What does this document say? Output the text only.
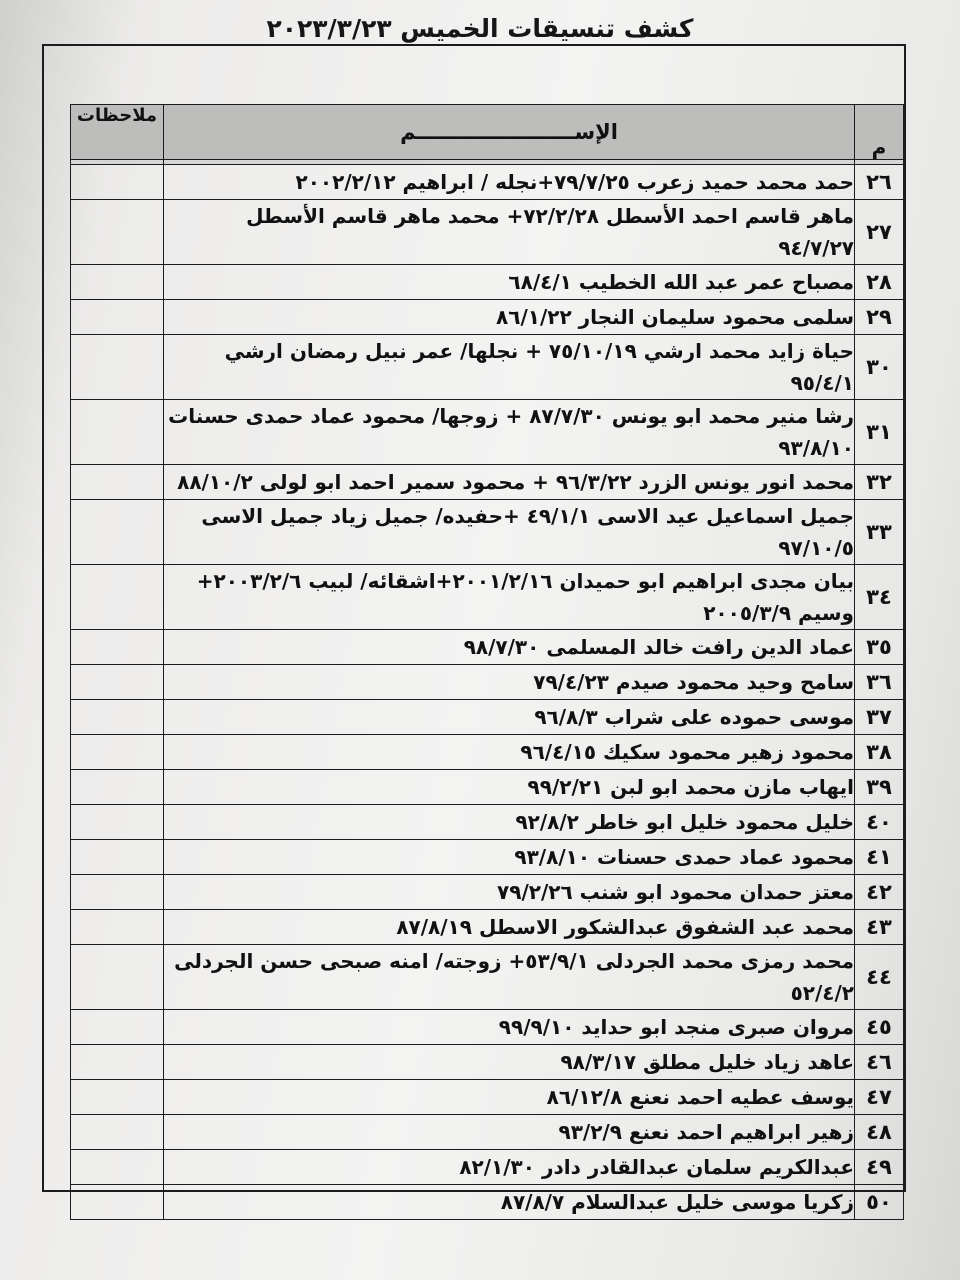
كشف تنسيقات الخميس ٢٠٢٣/٣/٢٣
م	الإســــــــــــــــــــــم	ملاحظات

٢٦	حمد محمد حميد زعرب ٧٩/٧/٢٥+نجله / ابراهيم ٢٠٠٢/٢/١٢	
٢٧	ماهر قاسم احمد الأسطل ٧٢/٢/٢٨+ محمد ماهر قاسم الأسطل ٩٤/٧/٢٧	
٢٨	مصباح عمر عبد الله الخطيب ٦٨/٤/١	
٢٩	سلمى محمود سليمان النجار ٨٦/١/٢٢	
٣٠	حياة زايد محمد ارشي ٧٥/١٠/١٩ + نجلها/ عمر نبيل رمضان ارشي ٩٥/٤/١	
٣١	رشا منير محمد ابو يونس ٨٧/٧/٣٠ + زوجها/ محمود عماد حمدى حسنات ٩٣/٨/١٠	
٣٢	محمد انور يونس الزرد ٩٦/٣/٢٢ + محمود سمير احمد ابو لولى ٨٨/١٠/٢	
٣٣	جميل اسماعيل عيد الاسى ٤٩/١/١ +حفيده/ جميل زياد جميل الاسى ٩٧/١٠/٥	
٣٤	بيان مجدى ابراهيم ابو حميدان ٢٠٠١/٢/١٦+اشقائه/ لبيب ٢٠٠٣/٢/٦+ وسيم ٢٠٠٥/٣/٩	
٣٥	عماد الدين رافت خالد المسلمى ٩٨/٧/٣٠	
٣٦	سامح وحيد محمود صيدم ٧٩/٤/٢٣	
٣٧	موسى حموده على شراب ٩٦/٨/٣	
٣٨	محمود زهير محمود سكيك ٩٦/٤/١٥	
٣٩	ايهاب مازن محمد ابو لبن ٩٩/٢/٢١	
٤٠	خليل محمود خليل ابو خاطر ٩٢/٨/٢	
٤١	محمود عماد حمدى حسنات ٩٣/٨/١٠	
٤٢	معتز حمدان محمود ابو شنب ٧٩/٢/٢٦	
٤٣	محمد عبد الشفوق عبدالشكور الاسطل ٨٧/٨/١٩	
٤٤	محمد رمزى محمد الجردلى ٥٣/٩/١+ زوجته/ امنه صبحى حسن الجردلى ٥٢/٤/٢	
٤٥	مروان صبرى منجد ابو حدايد ٩٩/٩/١٠	
٤٦	عاهد زياد خليل مطلق ٩٨/٣/١٧	
٤٧	يوسف عطيه احمد نعنع ٨٦/١٢/٨	
٤٨	زهير ابراهيم احمد نعنع ٩٣/٢/٩	
٤٩	عبدالكريم سلمان عبدالقادر دادر ٨٢/١/٣٠	
٥٠	زكريا موسى خليل عبدالسلام ٨٧/٨/٧	
